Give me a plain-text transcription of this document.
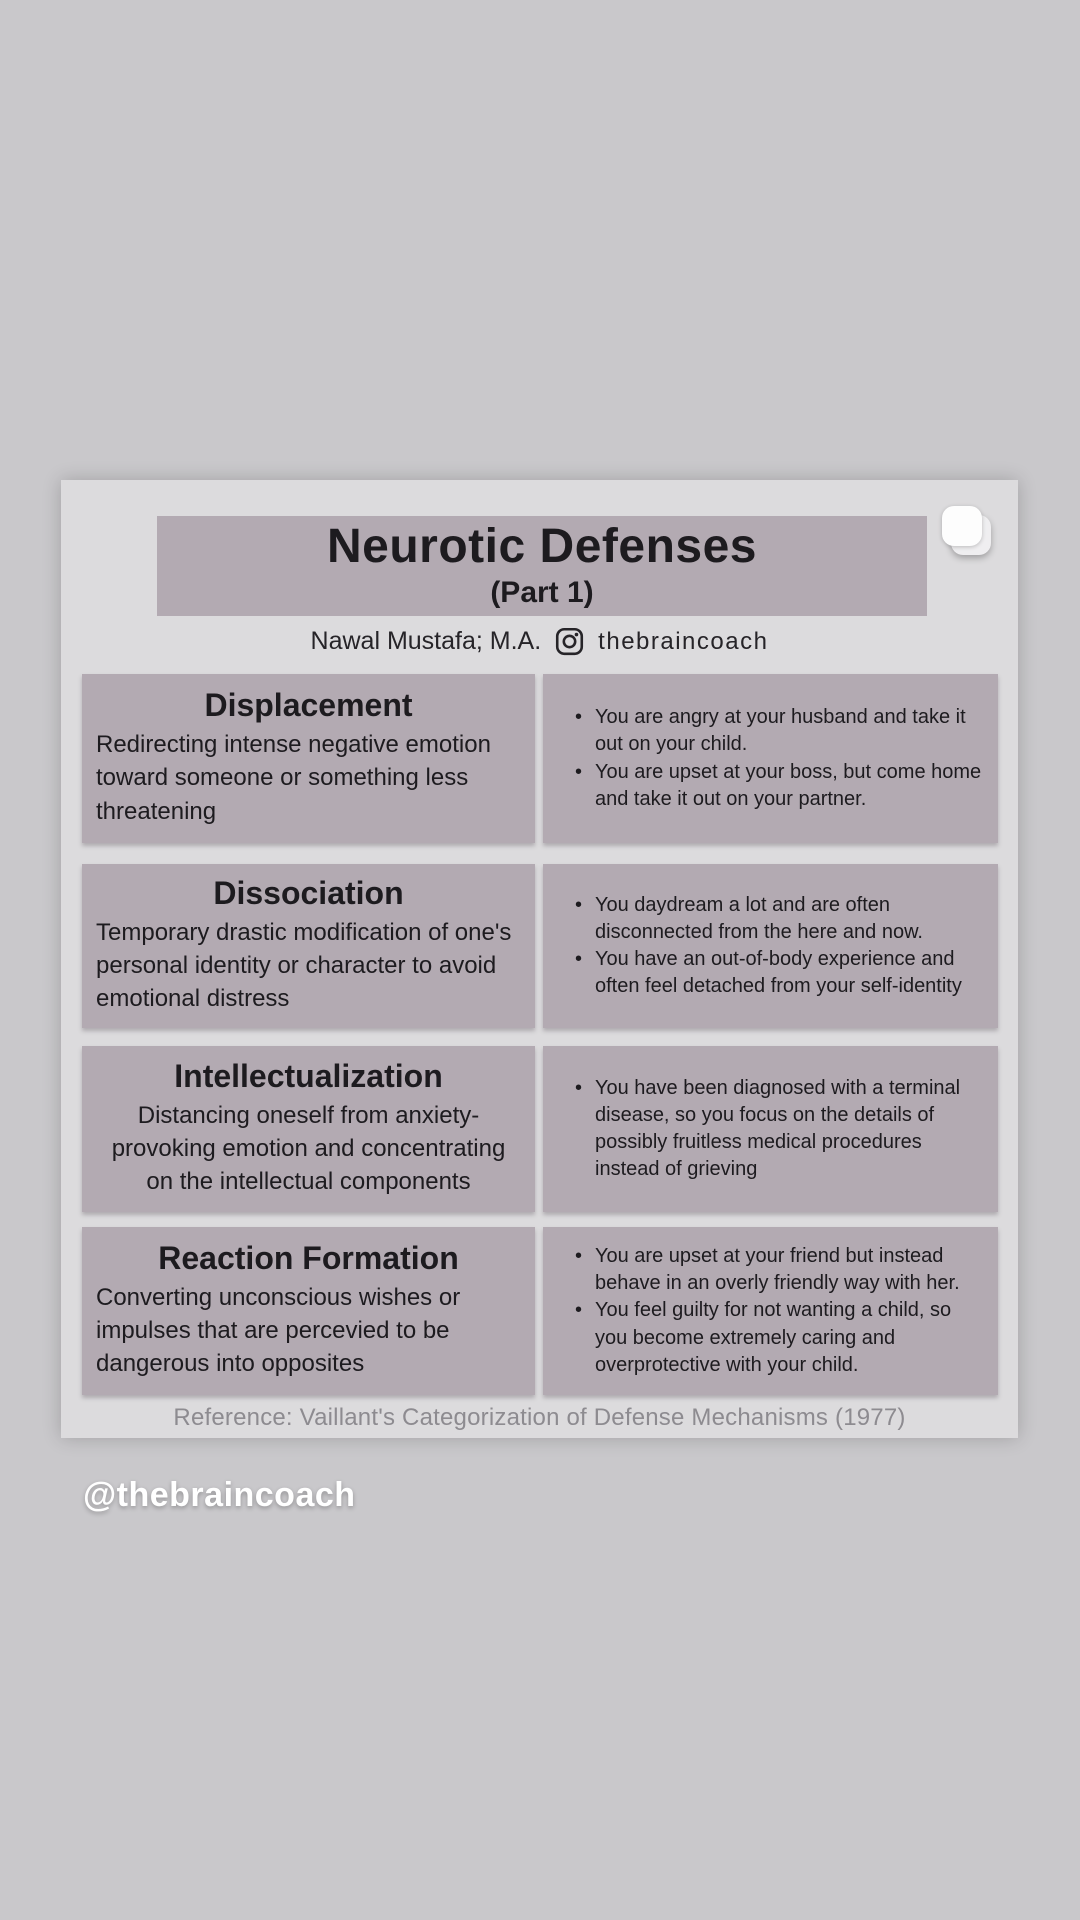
Neurotic Defenses
(Part 1)
Nawal Mustafa; M.A. thebraincoach
Displacement
Redirecting intense negative emotion toward someone or something less threatening
• You are angry at your husband and take it out on your child.
• You are upset at your boss, but come home and take it out on your partner.
Dissociation
Temporary drastic modification of one's personal identity or character to avoid emotional distress
• You daydream a lot and are often disconnected from the here and now.
• You have an out-of-body experience and often feel detached from your self-identity
Intellectualization
Distancing oneself from anxiety-provoking emotion and concentrating on the intellectual components
• You have been diagnosed with a terminal disease, so you focus on the details of possibly fruitless medical procedures instead of grieving
Reaction Formation
Converting unconscious wishes or impulses that are percevied to be dangerous into opposites
• You are upset at your friend but instead behave in an overly friendly way with her.
• You feel guilty for not wanting a child, so you become extremely caring and overprotective with your child.
Reference: Vaillant's Categorization of Defense Mechanisms (1977)
@thebraincoach
